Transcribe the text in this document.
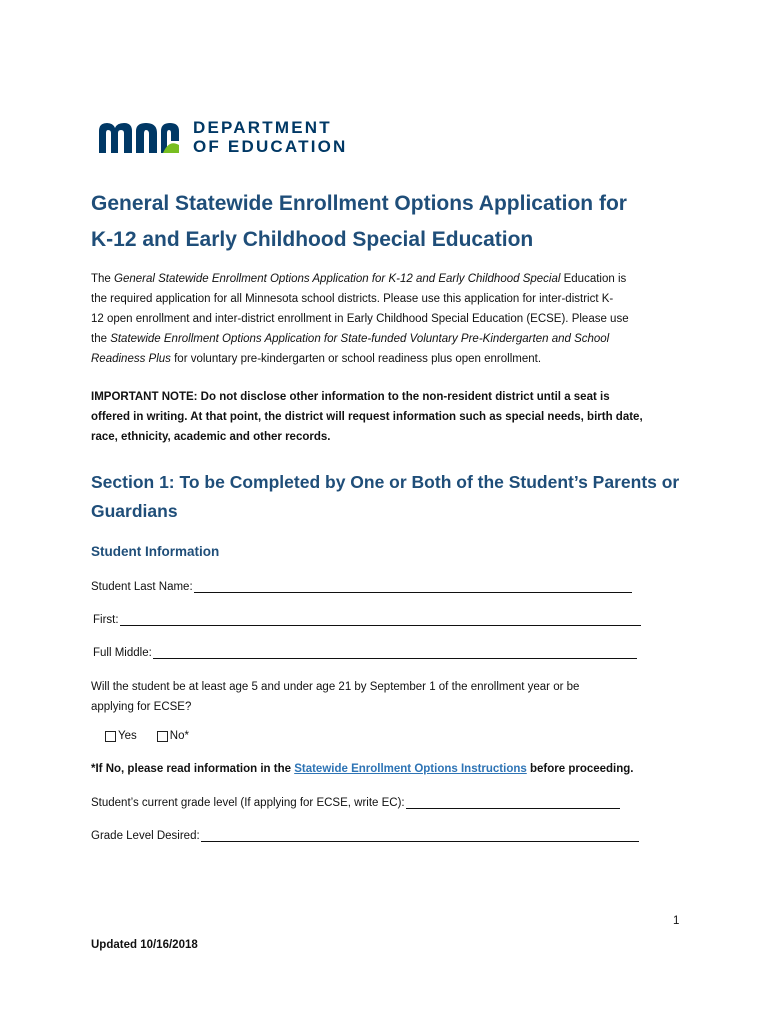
DEPARTMENT
OF EDUCATION
General Statewide Enrollment Options Application for
K-12 and Early Childhood Special Education
The General Statewide Enrollment Options Application for K-12 and Early Childhood Special Education is
the required application for all Minnesota school districts. Please use this application for inter-district K-
12 open enrollment and inter-district enrollment in Early Childhood Special Education (ECSE). Please use
the Statewide Enrollment Options Application for State-funded Voluntary Pre-Kindergarten and School
Readiness Plus for voluntary pre-kindergarten or school readiness plus open enrollment.
IMPORTANT NOTE: Do not disclose other information to the non-resident district until a seat is
offered in writing. At that point, the district will request information such as special needs, birth date,
race, ethnicity, academic and other records.
Section 1: To be Completed by One or Both of the Student’s Parents or
Guardians
Student Information
Student Last Name:
First:
Full Middle:
Will the student be at least age 5 and under age 21 by September 1 of the enrollment year or be
applying for ECSE?
Yes	No*
*If No, please read information in the Statewide Enrollment Options Instructions before proceeding.
Student’s current grade level (If applying for ECSE, write EC):
Grade Level Desired:
1
Updated 10/16/2018
